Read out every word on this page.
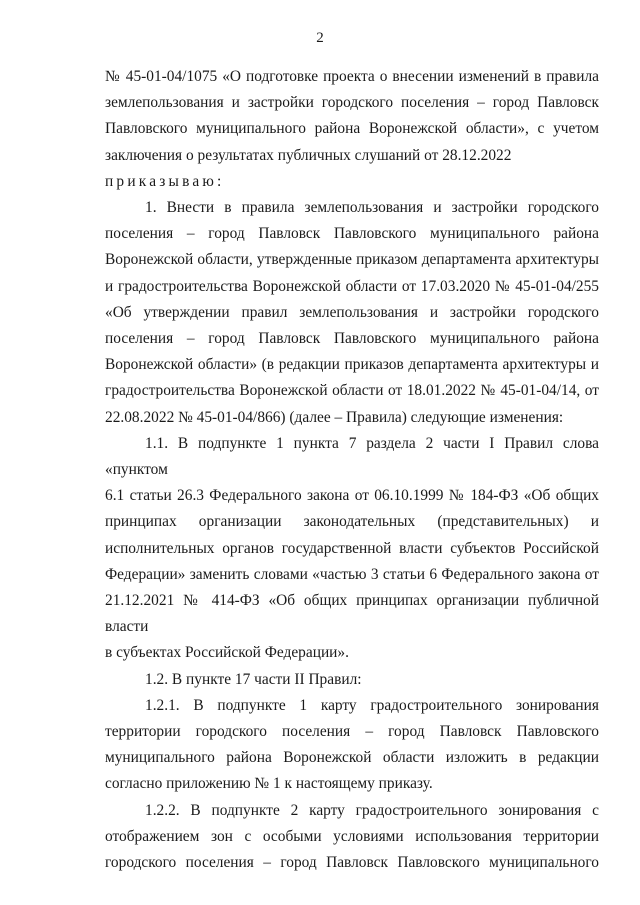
2

№ 45-01-04/1075 «О подготовке проекта о внесении изменений в правила

землепользования и застройки городского поселения – город Павловск

Павловского муниципального района Воронежской области», с учетом

заключения о результатах публичных слушаний от 28.12.2022

приказываю:

1. Внести в правила землепользования и застройки городского

поселения – город Павловск Павловского муниципального района

Воронежской области, утвержденные приказом департамента архитектуры

и градостроительства Воронежской области от 17.03.2020 № 45-01-04/255

«Об утверждении правил землепользования и застройки городского

поселения – город Павловск Павловского муниципального района

Воронежской области» (в редакции приказов департамента архитектуры и

градостроительства Воронежской области от 18.01.2022 № 45-01-04/14, от

22.08.2022 № 45-01-04/866) (далее – Правила) следующие изменения:

1.1. В подпункте 1 пункта 7 раздела 2 части I Правил слова «пунктом

6.1 статьи 26.3 Федерального закона от 06.10.1999 № 184-ФЗ «Об общих

принципах организации законодательных (представительных) и

исполнительных органов государственной власти субъектов Российской

Федерации» заменить словами «частью 3 статьи 6 Федерального закона от

21.12.2021 № 414-ФЗ «Об общих принципах организации публичной власти

в субъектах Российской Федерации».

1.2. В пункте 17 части II Правил:

1.2.1. В подпункте 1 карту градостроительного зонирования

территории городского поселения – город Павловск Павловского

муниципального района Воронежской области изложить в редакции

согласно приложению № 1 к настоящему приказу.

1.2.2. В подпункте 2 карту градостроительного зонирования с

отображением зон с особыми условиями использования территории

городского поселения – город Павловск Павловского муниципального
